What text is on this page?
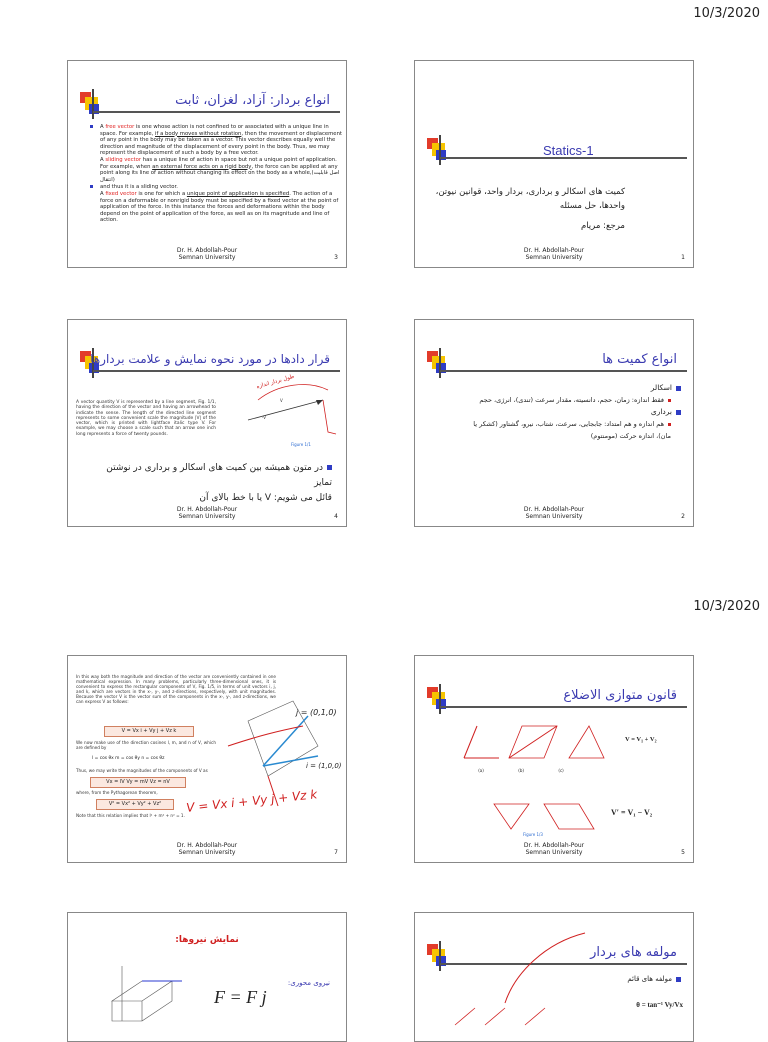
10/3/2020
انواع بردار: آزاد، لغزان، ثابت
A free vector is one whose action is not confined to or associated with a unique line in space. For example, if a body moves without rotation, then the movement or displacement of any point in the body may be taken as a vector. This vector describes equally well the direction and magnitude of the displacement of every point in the body. Thus, we may represent the displacement of such a body by a free vector.
A sliding vector has a unique line of action in space but not a unique point of application. For example, when an external force acts on a rigid body, the force can be applied at any point along its line of action without changing its effect on the body as a whole,(اصل قابلیت انتقال)
and thus it is a sliding vector.
A fixed vector is one for which a unique point of application is specified. The action of a force on a deformable or nonrigid body must be specified by a fixed vector at the point of application of the force. In this instance the forces and deformations within the body depend on the point of application of the force, as well as on its magnitude and line of action.
Dr. H. Abdollah-Pour
Semnan University	3
Statics-1
کمیت های اسکالر و برداری، بردار واحد، قوانین نیوتن،
واحدها، حل مسئله
مرجع: مریام
Dr. H. Abdollah-Pour
Semnan University	1
قرار دادها در مورد نحوه نمایش و علامت بردارها
A vector quantity V is represented by a line segment, Fig. 1/1, having the direction of the vector and having an arrowhead to indicate the sense. The length of the directed line segment represents to some convenient scale the magnitude |V| of the vector, which is printed with lightface italic type V. For example, we may choose a scale such that an arrow one inch long represents a force of twenty pounds.
V
-V
طول بردار اندازه
Figure 1/1
در متون همیشه بین کمیت های اسکالر و برداری در نوشتن تمایز
قائل می شویم: V یا با خط بالای آن
Dr. H. Abdollah-Pour
Semnan University	4
انواع کمیت ها
اسکالر
فقط اندازه: زمان، حجم، دانسیته، مقدار سرعت (تندی)، انرژی، حجم
برداری
هم اندازه و هم امتداد: جابجایی، سرعت، شتاب، نیرو، گشتاور (کشکر یا
مان)، اندازه حرکت (مومنتوم)
Dr. H. Abdollah-Pour
Semnan University	2
10/3/2020
In this way both the magnitude and direction of the vector are conveniently contained in one mathematical expression. In many problems, particularly three-dimensional ones, it is convenient to express the rectangular components of V, Fig. 1/5, in terms of unit vectors i, j, and k, which are vectors in the x-, y-, and z-directions, respectively, with unit magnitudes. Because the vector V is the vector sum of the components in the x-, y-, and z-directions, we can express V as follows:
V = Vx i + Vy j + Vz k
We now make use of the direction cosines l, m, and n of V, which are defined by
l = cos θx m = cos θy n = cos θz
Thus, we may write the magnitudes of the components of V as
Vx = lV Vy = mV Vz = nV
where, from the Pythagorean theorem,
V² = Vx² + Vy² + Vz²
Note that this relation implies that l² + m² + n² = 1.
j = (0,1,0)
i = (1,0,0)
V = Vx i + Vy j + Vz k
Dr. H. Abdollah-Pour
Semnan University	7
قانون متوازی الاضلاع
(a)	(b)	(c)
V = V₁ + V₂
V′ = V₁ − V₂
Figure 1/3
Dr. H. Abdollah-Pour
Semnan University	5
نمایش نیروها:
F = F j
نیروی محوری:
مولفه های بردار
مولفه های قائم
θ = tan⁻¹ Vy/Vx
